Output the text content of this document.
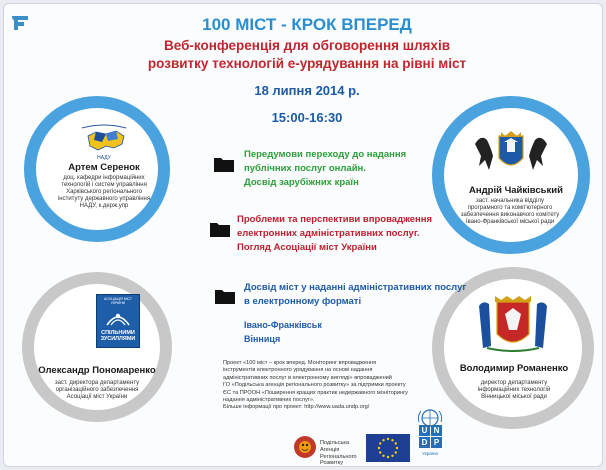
100 МІСТ - КРОК ВПЕРЕД
Веб-конференція для обговорення шляхів
розвитку технологій е-урядування на рівні міст
18 липня 2014 р.
15:00-16:30
НАДУ
Артем Серенок
доц. кафедри інформаційних
технологій і систем управління
Харківського регіонального
інституту державного управління
НАДУ, к.держ.упр
Андрій Чайківський
заст. начальника відділу
програмного та комп'ютерного
забезпечення виконавчого комітету
Івано-Франківської міської ради
АСОЦІАЦІЯ МІСТ УКРАЇНИ
СПІЛЬНИМИ
ЗУСИЛЛЯМИ
Олександр Пономаренко
заст. директора департаменту
організаційного забезпечення
Асоціації міст України
Володимир Романенко
директор департаменту
інформаційних технологій
Вінницької міської ради
Передумови переходу до надання
публічних послуг онлайн.
Досвід зарубіжних країн
Проблеми та перспективи впровадження
електронних адміністративних послуг.
Погляд Асоціації міст України
Досвід міст у наданні адміністративних послуг
в електронному форматі
Івано-Франківськ
Вінниця
Проект «100 міст – крок вперед. Моніторинг впровадження
інструментів електронного урядування на основі надання
адміністративних послуг в електронному вигляді» впроваджений
ГО «Подільська агенція регіонального розвитку» за підтримки проекту
ЄС та ПРООН «Поширення кращих практик недержавного моніторингу
надання адміністративних послуг».
Більше інформації про проект: http://www.uada.undp.org/
Подільська
Агенція
Регіонального
Розвитку
U N
D P
Україна
